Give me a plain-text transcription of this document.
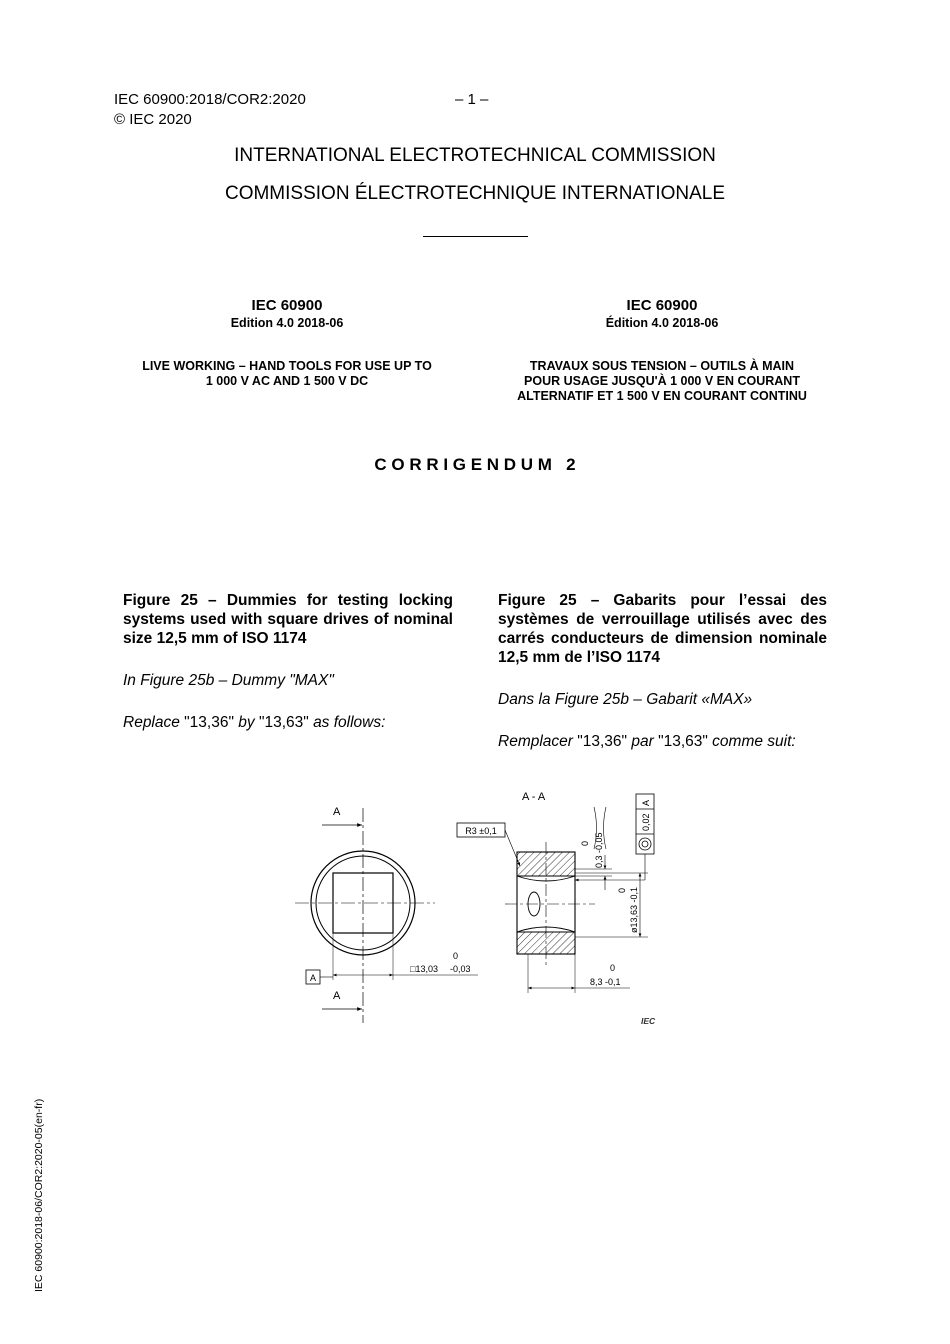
IEC 60900:2018/COR2:2020	– 1 –
© IEC 2020
INTERNATIONAL ELECTROTECHNICAL COMMISSION
COMMISSION ÉLECTROTECHNIQUE INTERNATIONALE
IEC 60900
Edition 4.0 2018-06
LIVE WORKING – HAND TOOLS FOR USE UP TO
1 000 V AC AND 1 500 V DC
IEC 60900
Édition 4.0 2018-06
TRAVAUX SOUS TENSION – OUTILS À MAIN
POUR USAGE JUSQU'À 1 000 V EN COURANT
ALTERNATIF ET 1 500 V EN COURANT CONTINU
C O R R I G E N D U M   2
Figure 25 – Dummies for testing locking systems used with square drives of nominal size 12,5 mm of ISO 1174
In Figure 25b – Dummy "MAX"
Replace "13,36" by "13,63" as follows:
Figure 25 – Gabarits pour l’essai des systèmes de verrouillage utilisés avec des carrés conducteurs de dimension nominale 12,5 mm de l’ISO 1174
Dans la Figure 25b – Gabarit «MAX»
Remplacer "13,36" par "13,63" comme suit:
A
A
A
□13,03
0
-0,03
A - A
R3 ±0,1
0 0,3 -0,05
A
0,02
0 ø13,63 -0,1
0
8,3 -0,1
IEC
IEC 60900:2018-06/COR2:2020-05(en-fr)
